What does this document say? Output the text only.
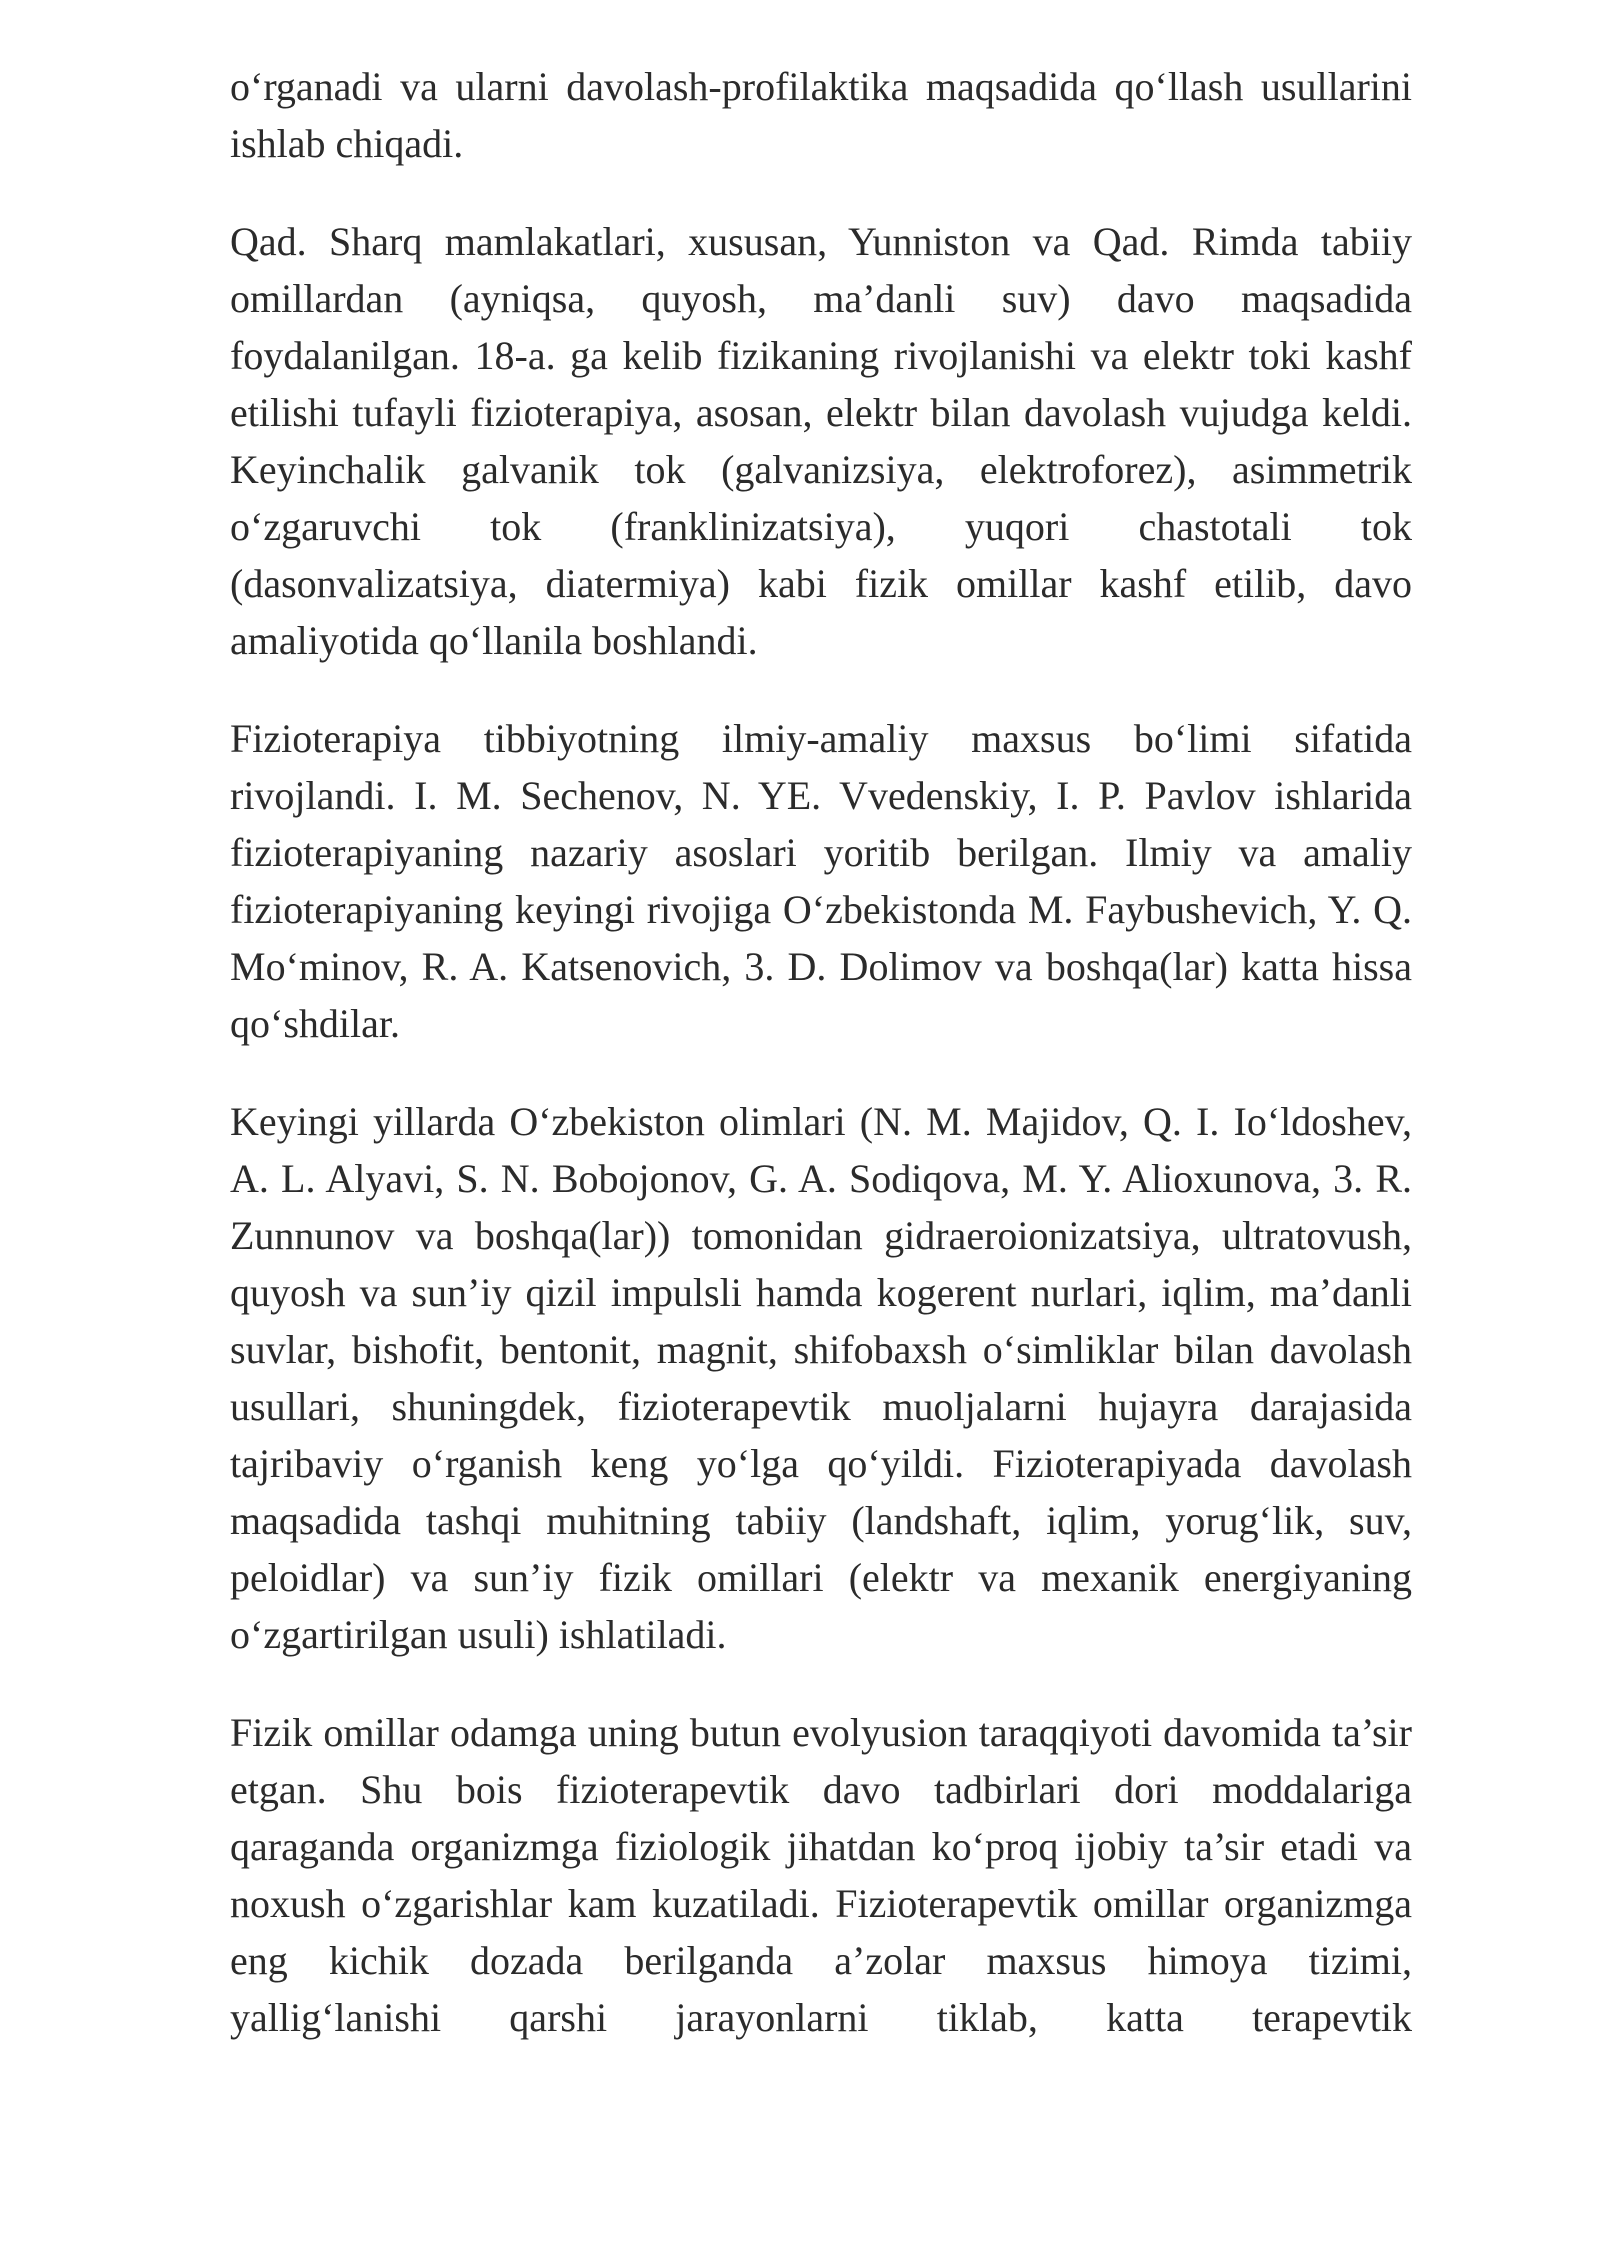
o‘rganadi va ularni davolash-profilaktika maqsadida qo‘llash usullarini ishlab chiqadi.

Qad. Sharq mamlakatlari, xususan, Yunniston va Qad. Rimda tabiiy omillardan (ayniqsa, quyosh, ma’danli suv) davo maqsadida foydalanilgan. 18-a. ga kelib fizikaning rivojlanishi va elektr toki kashf etilishi tufayli fizioterapiya, asosan, elektr bilan davolash vujudga keldi. Keyinchalik galvanik tok (galvanizsiya, elektroforez), asimmetrik o‘zgaruvchi tok (franklinizatsiya), yuqori chastotali tok (dasonvalizatsiya, diatermiya) kabi fizik omillar kashf etilib, davo amaliyotida qo‘llanila boshlandi.

Fizioterapiya tibbiyotning ilmiy-amaliy maxsus bo‘limi sifatida rivojlandi. I. M. Sechenov, N. YE. Vvedenskiy, I. P. Pavlov ishlarida fizioterapiyaning nazariy asoslari yoritib berilgan. Ilmiy va amaliy fizioterapiyaning keyingi rivojiga O‘zbekistonda M. Faybushevich, Y. Q. Mo‘minov, R. A. Katsenovich, 3. D. Dolimov va boshqa(lar) katta hissa qo‘shdilar.

Keyingi yillarda O‘zbekiston olimlari (N. M. Majidov, Q. I. Io‘ldoshev, A. L. Alyavi, S. N. Bobojonov, G. A. Sodiqova, M. Y. Alioxunova, 3. R. Zunnunov va boshqa(lar)) tomonidan gidraeroionizatsiya, ultratovush, quyosh va sun’iy qizil impulsli hamda kogerent nurlari, iqlim, ma’danli suvlar, bishofit, bentonit, magnit, shifobaxsh o‘simliklar bilan davolash usullari, shuningdek, fizioterapevtik muoljalarni hujayra darajasida tajribaviy o‘rganish keng yo‘lga qo‘yildi. Fizioterapiyada davolash maqsadida tashqi muhitning tabiiy (landshaft, iqlim, yorug‘lik, suv, peloidlar) va sun’iy fizik omillari (elektr va mexanik energiyaning o‘zgartirilgan usuli) ishlatiladi.

Fizik omillar odamga uning butun evolyusion taraqqiyoti davomida ta’sir etgan. Shu bois fizioterapevtik davo tadbirlari dori moddalariga qaraganda organizmga fiziologik jihatdan ko‘proq ijobiy ta’sir etadi va noxush o‘zgarishlar kam kuzatiladi. Fizioterapevtik omillar organizmga eng kichik dozada berilganda a’zolar maxsus himoya tizimi, yallig‘lanishi qarshi jarayonlarni tiklab, katta terapevtik
